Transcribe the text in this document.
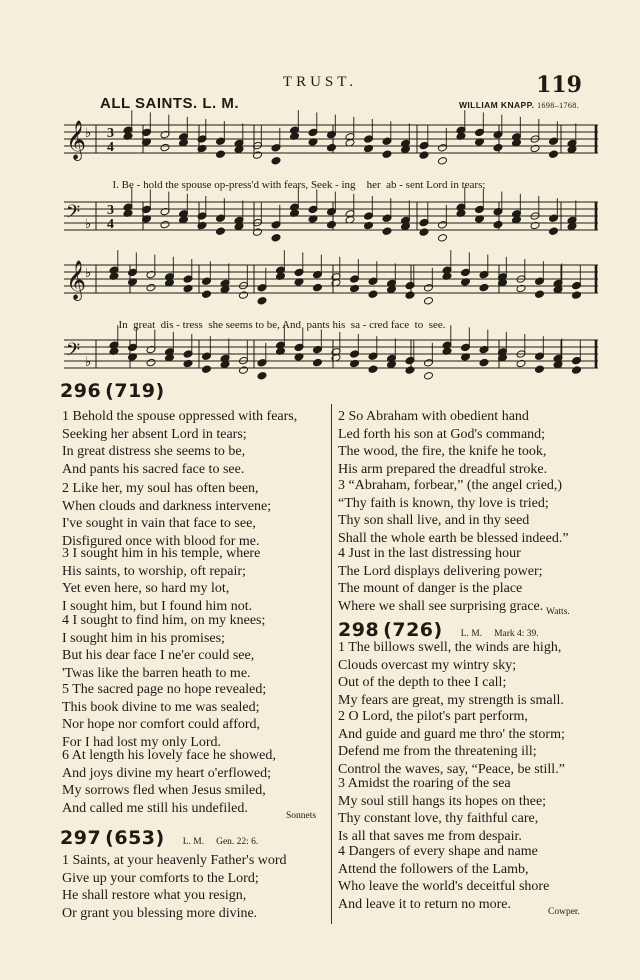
TRUST.	119
ALL SAINTS. L. M.	WILLIAM KNAPP. 1698–1768.
𝄞
♭ 3
4
𝄢 ♭
3
4
𝄞
♭
𝄢 ♭

I. Be - hold the spouse op-press'd with fears, Seek - ing her ab - sent Lord in tears;

In great dis - tress she seems to be, And pants his sa - cred face to see.

296 (719)
1 Behold the spouse oppressed with fears,
Seeking her absent Lord in tears;
In great distress she seems to be,
And pants his sacred face to see.
2 Like her, my soul has often been,
When clouds and darkness intervene;
I've sought in vain that face to see,
Disfigured once with blood for me.
3 I sought him in his temple, where
His saints, to worship, oft repair;
Yet even here, so hard my lot,
I sought him, but I found him not.
4 I sought to find him, on my knees;
I sought him in his promises;
But his dear face I ne'er could see,
'Twas like the barren heath to me.
5 The sacred page no hope revealed;
This book divine to me was sealed;
Nor hope nor comfort could afford,
For I had lost my only Lord.
6 At length his lovely face he showed,
And joys divine my heart o'erflowed;
My sorrows fled when Jesus smiled,
And called me still his undefiled.
Sonnets
297 (653) L. M. Gen. 22: 6.
1 Saints, at your heavenly Father's word
Give up your comforts to the Lord;
He shall restore what you resign,
Or grant you blessing more divine.
2 So Abraham with obedient hand
Led forth his son at God's command;
The wood, the fire, the knife he took,
His arm prepared the dreadful stroke.
3 “Abraham, forbear,” (the angel cried,)
“Thy faith is known, thy love is tried;
Thy son shall live, and in thy seed
Shall the whole earth be blessed indeed.”
4 Just in the last distressing hour
The Lord displays delivering power;
The mount of danger is the place
Where we shall see surprising grace. Watts.
298 (726) L. M. Mark 4: 39.
1 The billows swell, the winds are high,
Clouds overcast my wintry sky;
Out of the depth to thee I call;
My fears are great, my strength is small.
2 O Lord, the pilot's part perform,
And guide and guard me thro' the storm;
Defend me from the threatening ill;
Control the waves, say, “Peace, be still.”
3 Amidst the roaring of the sea
My soul still hangs its hopes on thee;
Thy constant love, thy faithful care,
Is all that saves me from despair.
4 Dangers of every shape and name
Attend the followers of the Lamb,
Who leave the world's deceitful shore
And leave it to return no more.
Cowper.
